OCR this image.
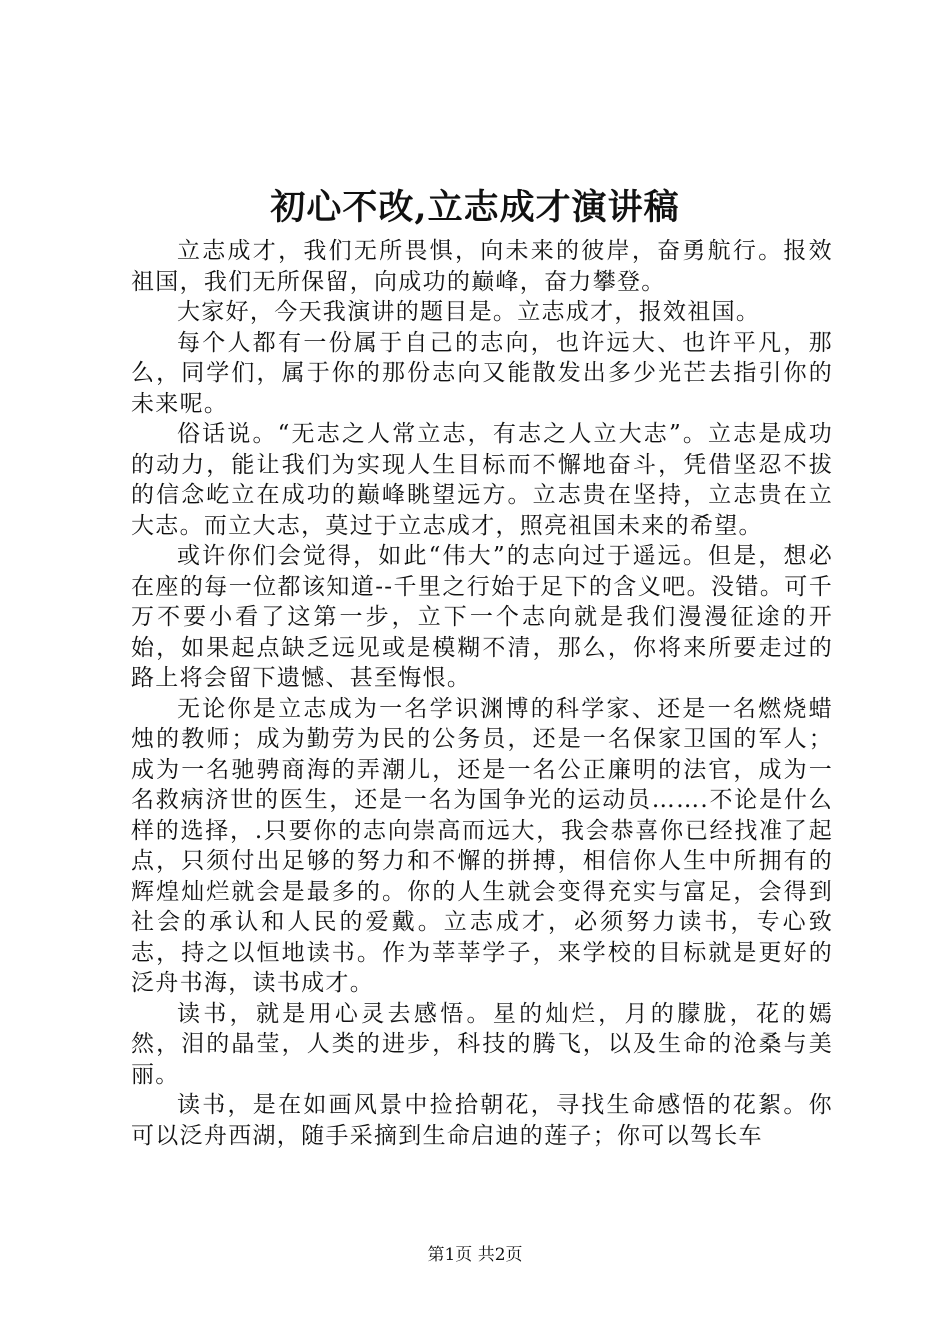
初心不改,立志成才演讲稿

立志成才，我们无所畏惧，向未来的彼岸，奋勇航行。报效祖国，我们无所保留，向成功的巅峰，奋力攀登。

大家好，今天我演讲的题目是。立志成才，报效祖国。

每个人都有一份属于自己的志向，也许远大、也许平凡，那么，同学们，属于你的那份志向又能散发出多少光芒去指引你的未来呢。

俗话说。“无志之人常立志，有志之人立大志”。立志是成功的动力，能让我们为实现人生目标而不懈地奋斗，凭借坚忍不拔的信念屹立在成功的巅峰眺望远方。立志贵在坚持，立志贵在立大志。而立大志，莫过于立志成才，照亮祖国未来的希望。

或许你们会觉得，如此“伟大”的志向过于遥远。但是，想必在座的每一位都该知道--千里之行始于足下的含义吧。没错。可千万不要小看了这第一步，立下一个志向就是我们漫漫征途的开始，如果起点缺乏远见或是模糊不清，那么，你将来所要走过的路上将会留下遗憾、甚至悔恨。

无论你是立志成为一名学识渊博的科学家、还是一名燃烧蜡烛的教师；成为勤劳为民的公务员，还是一名保家卫国的军人；成为一名驰骋商海的弄潮儿，还是一名公正廉明的法官，成为一名救病济世的医生，还是一名为国争光的运动员…….不论是什么样的选择，.只要你的志向崇高而远大，我会恭喜你已经找准了起点，只须付出足够的努力和不懈的拼搏，相信你人生中所拥有的辉煌灿烂就会是最多的。你的人生就会变得充实与富足，会得到社会的承认和人民的爱戴。立志成才，必须努力读书，专心致志，持之以恒地读书。作为莘莘学子，来学校的目标就是更好的泛舟书海，读书成才。

读书，就是用心灵去感悟。星的灿烂，月的朦胧，花的嫣然，泪的晶莹，人类的进步，科技的腾飞，以及生命的沧桑与美丽。

读书，是在如画风景中捡拾朝花，寻找生命感悟的花絮。你可以泛舟西湖，随手采摘到生命启迪的莲子；你可以驾长车

第1页 共2页
